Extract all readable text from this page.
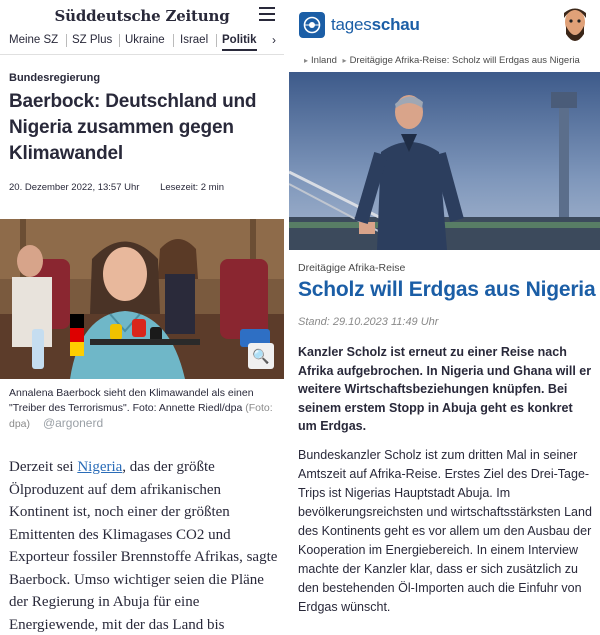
Süddeutsche Zeitung
Meine SZ SZ Plus Ukraine Israel Politik ›
Bundesregierung
Baerbock: Deutschland und Nigeria zusammen gegen Klimawandel
20. Dezember 2022, 13:57 Uhr Lesezeit: 2 min
🔍
Annalena Baerbock sieht den Klimawandel als einen "Treiber des Terrorismus". Foto: Annette Riedl/dpa (Foto: dpa) @argonerd
Derzeit sei Nigeria, das der größte Ölproduzent auf dem afrikanischen Kontinent ist, noch einer der größten Emittenten des Klimagases CO2 und Exporteur fossiler Brennstoffe Afrikas, sagte Baerbock. Umso wichtiger seien die Pläne der Regierung in Abuja für eine Energiewende, mit der das Land bis
tagesschau
▸ Inland ▸ Dreitägige Afrika-Reise: Scholz will Erdgas aus Nigeria
Dreitägige Afrika-Reise
Scholz will Erdgas aus Nigeria
Stand: 29.10.2023 11:49 Uhr

Kanzler Scholz ist erneut zu einer Reise nach Afrika aufgebrochen. In Nigeria und Ghana will er weitere Wirtschaftsbeziehungen knüpfen. Bei seinem erstem Stopp in Abuja geht es konkret um Erdgas.

Bundeskanzler Scholz ist zum dritten Mal in seiner Amtszeit auf Afrika-Reise. Erstes Ziel des Drei-Tage-Trips ist Nigerias Hauptstadt Abuja. Im bevölkerungsreichsten und wirtschaftsstärksten Land des Kontinents geht es vor allem um den Ausbau der Kooperation im Energiebereich. In einem Interview machte der Kanzler klar, dass er sich zusätzlich zu den bestehenden Öl-Importen auch die Einfuhr von Erdgas wünscht.
